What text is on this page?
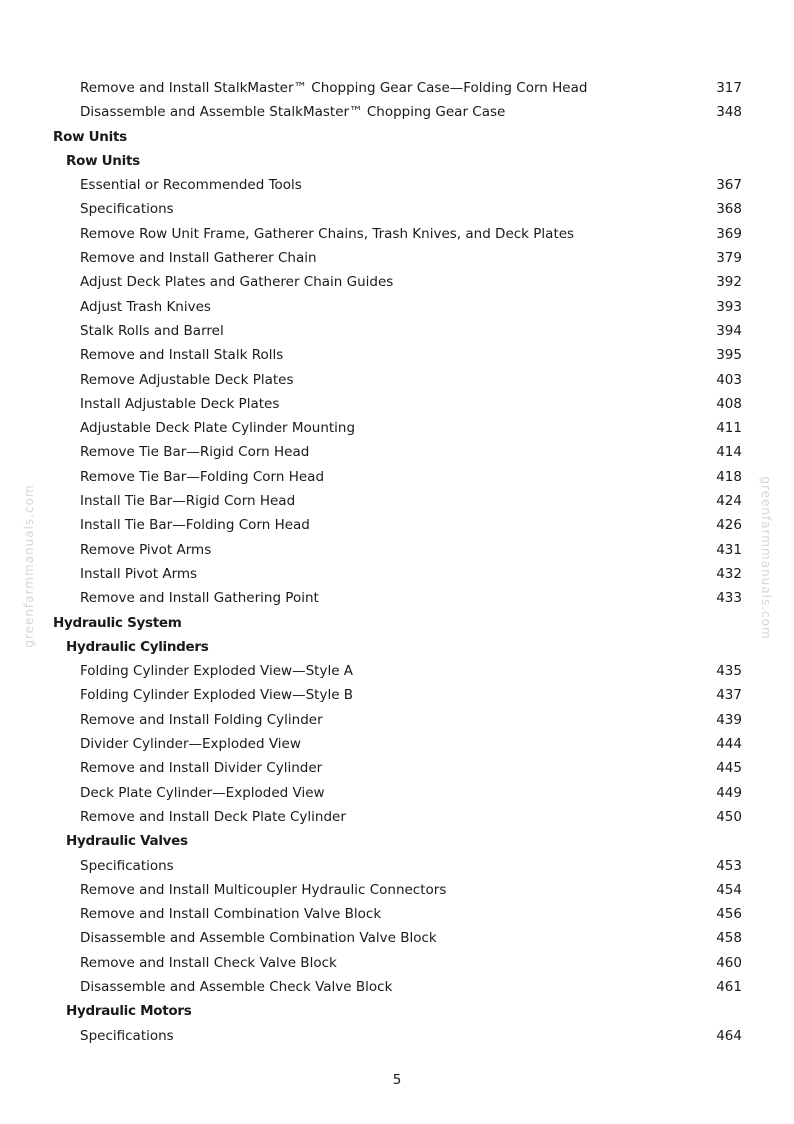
Remove and Install StalkMaster™ Chopping Gear Case—Folding Corn Head	317
Disassemble and Assemble StalkMaster™ Chopping Gear Case	348
Row Units
Row Units
Essential or Recommended Tools	367
Specifications	368
Remove Row Unit Frame, Gatherer Chains, Trash Knives, and Deck Plates	369
Remove and Install Gatherer Chain	379
Adjust Deck Plates and Gatherer Chain Guides	392
Adjust Trash Knives	393
Stalk Rolls and Barrel	394
Remove and Install Stalk Rolls	395
Remove Adjustable Deck Plates	403
Install Adjustable Deck Plates	408
Adjustable Deck Plate Cylinder Mounting	411
Remove Tie Bar—Rigid Corn Head	414
Remove Tie Bar—Folding Corn Head	418
Install Tie Bar—Rigid Corn Head	424
Install Tie Bar—Folding Corn Head	426
Remove Pivot Arms	431
Install Pivot Arms	432
Remove and Install Gathering Point	433
Hydraulic System
Hydraulic Cylinders
Folding Cylinder Exploded View—Style A	435
Folding Cylinder Exploded View—Style B	437
Remove and Install Folding Cylinder	439
Divider Cylinder—Exploded View	444
Remove and Install Divider Cylinder	445
Deck Plate Cylinder—Exploded View	449
Remove and Install Deck Plate Cylinder	450
Hydraulic Valves
Specifications	453
Remove and Install Multicoupler Hydraulic Connectors	454
Remove and Install Combination Valve Block	456
Disassemble and Assemble Combination Valve Block	458
Remove and Install Check Valve Block	460
Disassemble and Assemble Check Valve Block	461
Hydraulic Motors
Specifications	464
5
greenfarmmanuals.com	greenfarmmanuals.com
